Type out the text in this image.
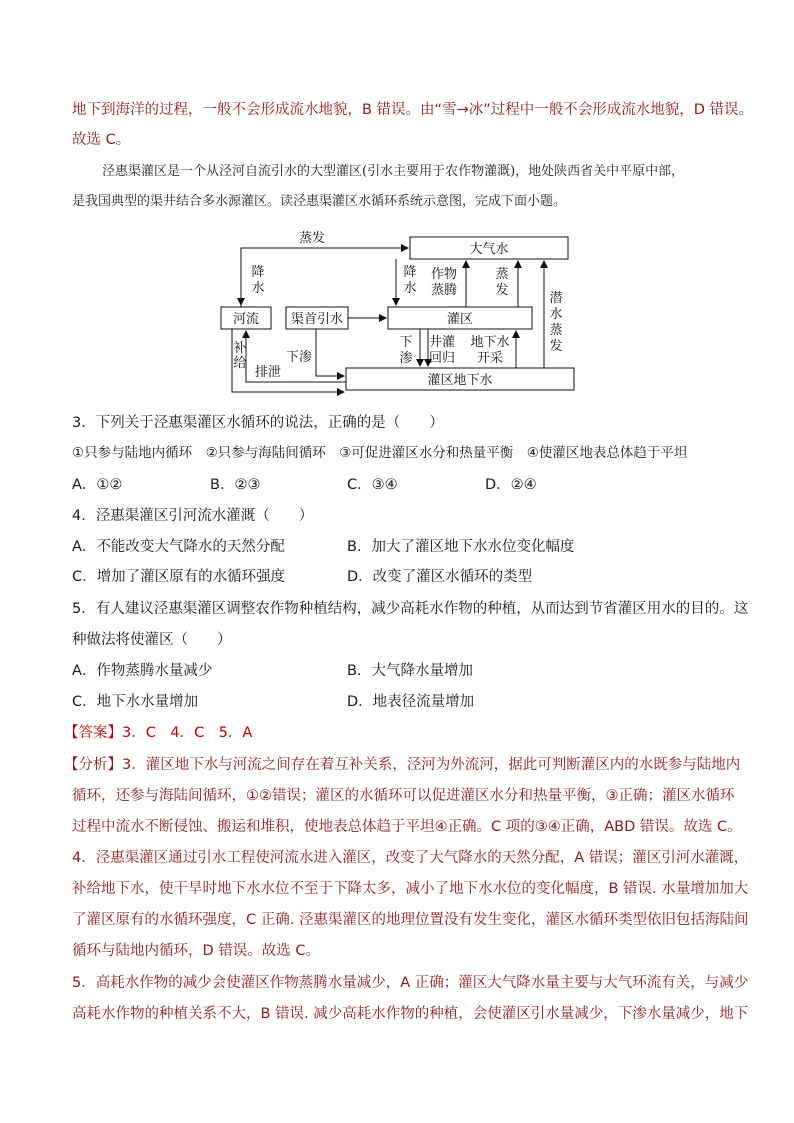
地下到海洋的过程，一般不会形成流水地貌，B 错误。由“雪→冰”过程中一般不会形成流水地貌，D 错误。
故选 C。
泾惠渠灌区是一个从泾河自流引水的大型灌区(引水主要用于农作物灌溉)，地处陕西省关中平原中部，
是我国典型的渠井结合多水源灌区。读泾惠渠灌区水循环系统示意图，完成下面小题。
大气水
河流 渠首引水	灌区
灌区地下水
蒸发
降
水
降
水
作物
蒸腾
蒸
发
潜
水
蒸
发
下
渗
井灌
回归
地下水
开采
下渗
排泄
补
给
3．下列关于泾惠渠灌区水循环的说法，正确的是（　　）
①只参与陆地内循环　②只参与海陆间循环　③可促进灌区水分和热量平衡　④使灌区地表总体趋于平坦
A．①②	B．②③	C．③④	D．②④
4．泾惠渠灌区引河流水灌溉（　　）
A．不能改变大气降水的天然分配	B．加大了灌区地下水水位变化幅度
C．增加了灌区原有的水循环强度	D．改变了灌区水循环的类型
5．有人建议泾惠渠灌区调整农作物种植结构，减少高耗水作物的种植，从而达到节省灌区用水的目的。这
种做法将使灌区（　　）
A．作物蒸腾水量减少	B．大气降水量增加
C．地下水水量增加	D．地表径流量增加
【答案】3．C　4．C　5．A
【分析】3．灌区地下水与河流之间存在着互补关系，泾河为外流河，据此可判断灌区内的水既参与陆地内
循环，还参与海陆间循环，①②错误；灌区的水循环可以促进灌区水分和热量平衡，③正确；灌区水循环
过程中流水不断侵蚀、搬运和堆积，使地表总体趋于平坦④正确。C 项的③④正确，ABD 错误。故选 C。
4．泾惠渠灌区通过引水工程使河流水进入灌区，改变了大气降水的天然分配，A 错误；灌区引河水灌溉，
补给地下水，使干旱时地下水水位不至于下降太多，减小了地下水水位的变化幅度，B 错误. 水量增加加大
了灌区原有的水循环强度，C 正确. 泾惠渠灌区的地理位置没有发生变化，灌区水循环类型依旧包括海陆间
循环与陆地内循环，D 错误。故选 C。
5．高耗水作物的减少会使灌区作物蒸腾水量减少，A 正确；灌区大气降水量主要与大气环流有关，与减少
高耗水作物的种植关系不大，B 错误. 减少高耗水作物的种植，会使灌区引水量减少，下渗水量减少，地下
